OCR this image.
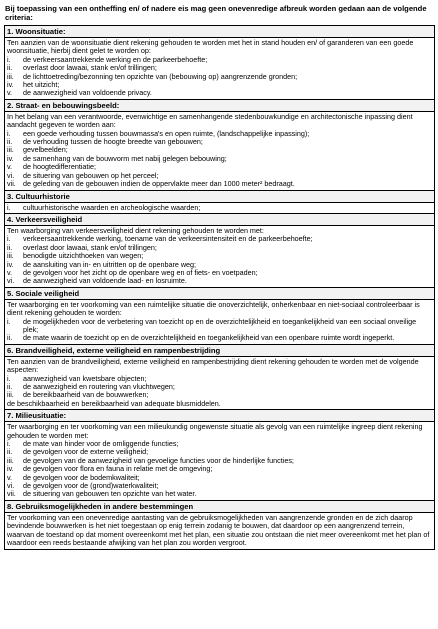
Bij toepassing van een ontheffing en/ of nadere eis mag geen onevenredige afbreuk worden gedaan aan de volgende criteria:
1. Woonsituatie:

Ten aanzien van de woonsituatie dient rekening gehouden te worden met het in stand houden en/ of garanderen van een goede woonsituatie, hierbij dient gelet te worden op:
i.	de verkeersaantrekkende werking en de parkeerbehoefte;
ii.	overlast door lawaai, stank en/of trillingen;
iii.	de lichttoetreding/bezonning ten opzichte van (bebouwing op) aangrenzende gronden;
iv.	het uitzicht;
v.	de aanwezigheid van voldoende privacy.

2. Straat- en bebouwingsbeeld:

In het belang van een verantwoorde, evenwichtige en samenhangende stedenbouwkundige en architectonische inpassing dient aandacht gegeven te worden aan:
i.	een goede verhouding tussen bouwmassa's en open ruimte, (landschappelijke inpassing);
ii.	de verhouding tussen de hoogte breedte van gebouwen;
iii.	gevelbeelden;
iv.	de samenhang van de bouwvorm met nabij gelegen bebouwing;
v.	de hoogtedifferentiatie;
vi.	de situering van gebouwen op het perceel;
vii.	de geleding van de gebouwen indien de oppervlakte meer dan 1000 meter² bedraagt.

3. Cultuurhistorie

i.	cultuurhistorische waarden en archeologische waarden;

4. Verkeersveiligheid

Ten waarborging van verkeersveiligheid dient rekening gehouden te worden met:
i.	verkeersaantrekkende werking, toename van de verkeersintensiteit en de parkeerbehoefte;
ii.	overlast door lawaai, stank en/of trillingen;
iii.	benodigde uitzichthoeken van wegen;
iv.	de aansluiting van in- en uitritten op de openbare weg;
v.	de gevolgen voor het zicht op de openbare weg en of fiets- en voetpaden;
vi.	de aanwezigheid van voldoende laad- en losruimte.

5. Sociale veiligheid

Ter waarborging en ter voorkoming van een ruimtelijke situatie die onoverzichtelijk, onherkenbaar en niet-sociaal controleerbaar is dient rekening gehouden te worden:
i.	de mogelijkheden voor de verbetering van toezicht op en de overzichtelijkheid en toegankelijkheid van een sociaal onveilige plek;
ii.	de mate waarin de toezicht op en de overzichtelijkheid en toegankelijkheid van een openbare ruimte wordt ingeperkt.

6. Brandveiligheid, externe veiligheid en rampenbestrijding

Ten aanzien van de brandveiligheid, externe veiligheid en rampenbestrijding dient rekening gehouden te worden met de volgende aspecten:
i.	aanwezigheid van kwetsbare objecten;
ii.	de aanwezigheid en routering van vluchtwegen;
iii.	de bereikbaarheid van de bouwwerken;
de beschikbaarheid en bereikbaarheid van adequate blusmiddelen.

7. Milieusituatie:

Ter waarborging en ter voorkoming van een milieukundig ongewenste situatie als gevolg van een ruimtelijke ingreep dient rekening gehouden te worden met:
i.	de mate van hinder voor de omliggende functies;
ii.	de gevolgen voor de externe veiligheid;
iii.	de gevolgen van de aanwezigheid van gevoelige functies voor de hinderlijke functies;
iv.	de gevolgen voor flora en fauna in relatie met de omgeving;
v.	de gevolgen voor de bodemkwaliteit;
vi.	de gevolgen voor de (grond)waterkwaliteit;
vii.	de situering van gebouwen ten opzichte van het water.

8. Gebruiksmogelijkheden in andere bestemmingen

Ter voorkoming van een onevenredige aantasting van de gebruiksmogelijkheden van aangrenzende gronden en de zich daarop bevindende bouwwerken is het niet toegestaan op enig terrein zodanig te bouwen, dat daardoor op een aangrenzend terrein, waarvan de toestand op dat moment overeenkomt met het plan, een situatie zou ontstaan die niet meer overeenkomt met het plan of waardoor een reeds bestaande afwijking van het plan zou worden vergroot.
